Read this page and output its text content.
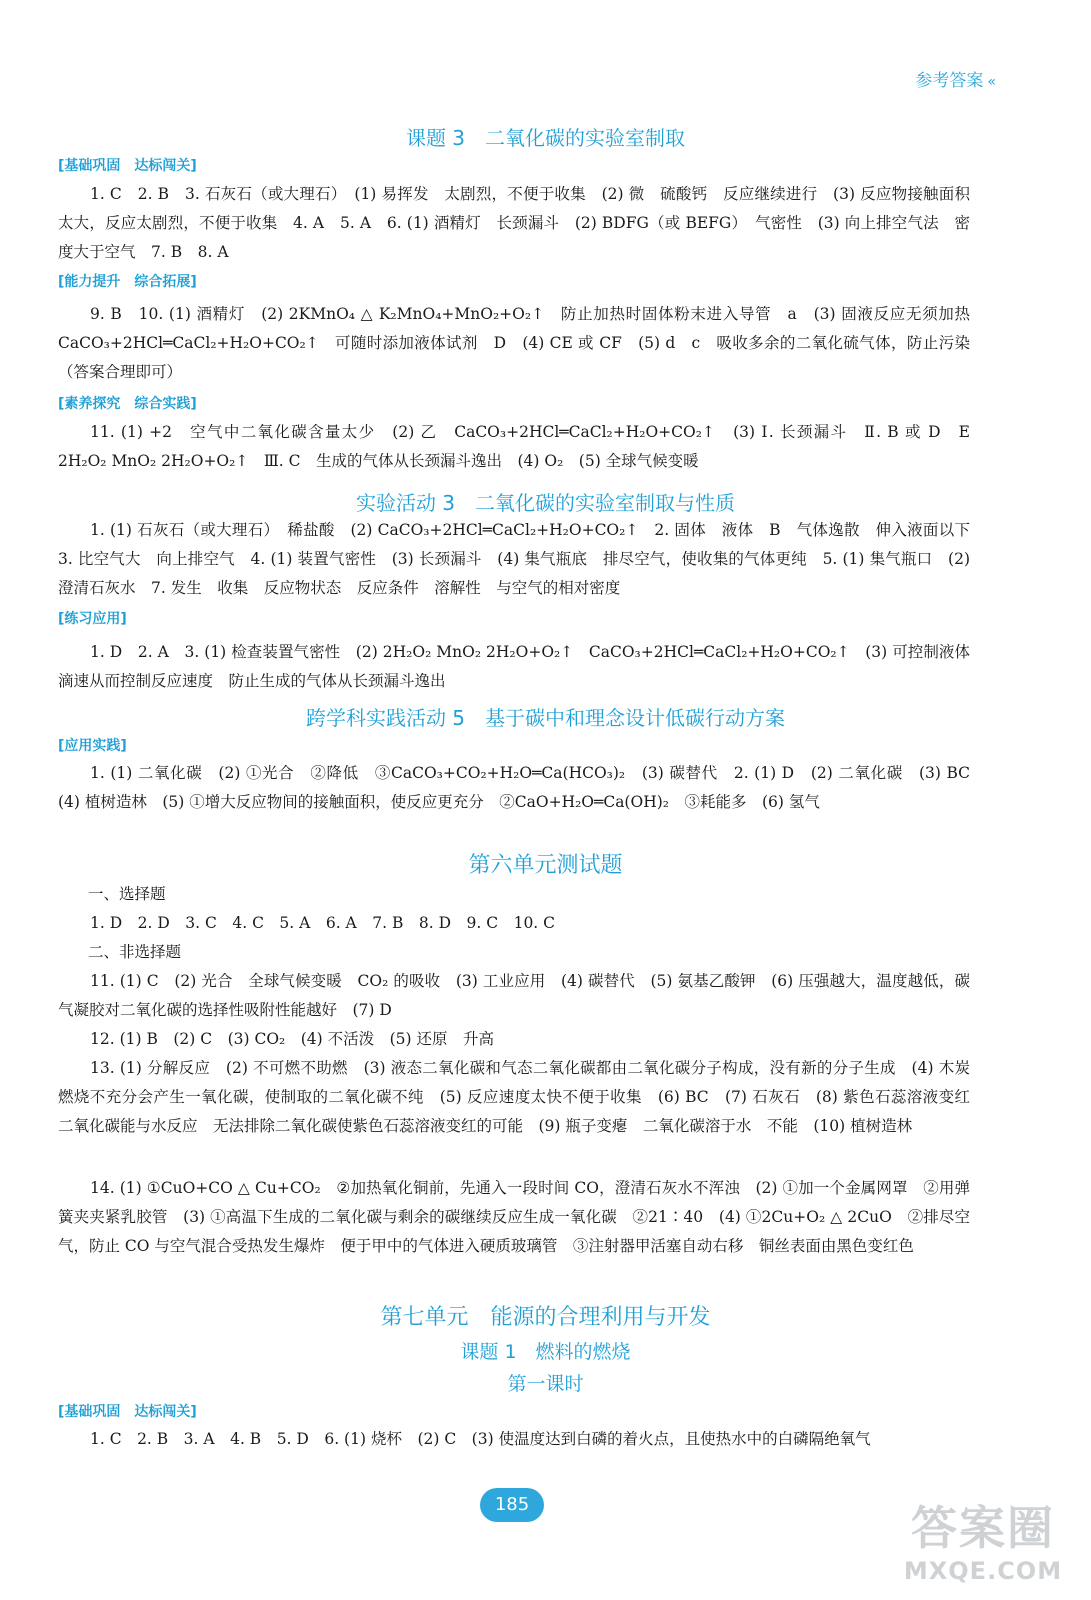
参考答案 «
课题 3　二氧化碳的实验室制取
[基础巩固　达标闯关]
1. C　2. B　3. 石灰石（或大理石）　(1) 易挥发　太剧烈，不便于收集　(2) 微　硫酸钙　反应继续进行　(3) 反应物接触面积太大，反应太剧烈，不便于收集　4. A　5. A　6. (1) 酒精灯　长颈漏斗　(2) BDFG（或 BEFG）　气密性　(3) 向上排空气法　密度大于空气　7. B　8. A
[能力提升　综合拓展]
9. B　10. (1) 酒精灯　(2) 2KMnO₄ △ K₂MnO₄+MnO₂+O₂↑　防止加热时固体粉末进入导管　a　(3) 固液反应无须加热　CaCO₃+2HCl═CaCl₂+H₂O+CO₂↑　可随时添加液体试剂　D　(4) CE 或 CF　(5) d　c　吸收多余的二氧化硫气体，防止污染（答案合理即可）
[素养探究　综合实践]
11. (1) +2　空气中二氧化碳含量太少　(2) 乙　CaCO₃+2HCl═CaCl₂+H₂O+CO₂↑　(3) Ⅰ. 长颈漏斗　Ⅱ. B 或 D　E　2H₂O₂ MnO₂ 2H₂O+O₂↑　Ⅲ. C　生成的气体从长颈漏斗逸出　(4) O₂　(5) 全球气候变暖
实验活动 3　二氧化碳的实验室制取与性质
1. (1) 石灰石（或大理石）　稀盐酸　(2) CaCO₃+2HCl═CaCl₂+H₂O+CO₂↑　2. 固体　液体　B　气体逸散　伸入液面以下　3. 比空气大　向上排空气　4. (1) 装置气密性　(3) 长颈漏斗　(4) 集气瓶底　排尽空气，使收集的气体更纯　5. (1) 集气瓶口　(2) 澄清石灰水　7. 发生　收集　反应物状态　反应条件　溶解性　与空气的相对密度
[练习应用]
1. D　2. A　3. (1) 检查装置气密性　(2) 2H₂O₂ MnO₂ 2H₂O+O₂↑　CaCO₃+2HCl═CaCl₂+H₂O+CO₂↑　(3) 可控制液体滴速从而控制反应速度　防止生成的气体从长颈漏斗逸出
跨学科实践活动 5　基于碳中和理念设计低碳行动方案
[应用实践]
1. (1) 二氧化碳　(2) ①光合　②降低　③CaCO₃+CO₂+H₂O═Ca(HCO₃)₂　(3) 碳替代　2. (1) D　(2) 二氧化碳　(3) BC　(4) 植树造林　(5) ①增大反应物间的接触面积，使反应更充分　②CaO+H₂O═Ca(OH)₂　③耗能多　(6) 氢气
第六单元测试题
一、选择题
1. D　2. D　3. C　4. C　5. A　6. A　7. B　8. D　9. C　10. C
二、非选择题
11. (1) C　(2) 光合　全球气候变暖　CO₂ 的吸收　(3) 工业应用　(4) 碳替代　(5) 氨基乙酸钾　(6) 压强越大，温度越低，碳气凝胶对二氧化碳的选择性吸附性能越好　(7) D
12. (1) B　(2) C　(3) CO₂　(4) 不活泼　(5) 还原　升高
13. (1) 分解反应　(2) 不可燃不助燃　(3) 液态二氧化碳和气态二氧化碳都由二氧化碳分子构成，没有新的分子生成　(4) 木炭燃烧不充分会产生一氧化碳，使制取的二氧化碳不纯　(5) 反应速度太快不便于收集　(6) BC　(7) 石灰石　(8) 紫色石蕊溶液变红　二氧化碳能与水反应　无法排除二氧化碳使紫色石蕊溶液变红的可能　(9) 瓶子变瘪　二氧化碳溶于水　不能　(10) 植树造林
14. (1) ①CuO+CO △ Cu+CO₂　②加热氧化铜前，先通入一段时间 CO，澄清石灰水不浑浊　(2) ①加一个金属网罩　②用弹簧夹夹紧乳胶管　(3) ①高温下生成的二氧化碳与剩余的碳继续反应生成一氧化碳　②21∶40　(4) ①2Cu+O₂ △ 2CuO　②排尽空气，防止 CO 与空气混合受热发生爆炸　便于甲中的气体进入硬质玻璃管　③注射器甲活塞自动右移　铜丝表面由黑色变红色
第七单元　能源的合理利用与开发
课题 1　燃料的燃烧
第一课时
[基础巩固　达标闯关]
1. C　2. B　3. A　4. B　5. D　6. (1) 烧杯　(2) C　(3) 使温度达到白磷的着火点，且使热水中的白磷隔绝氧气
185	答案圈
MXQE.COM
